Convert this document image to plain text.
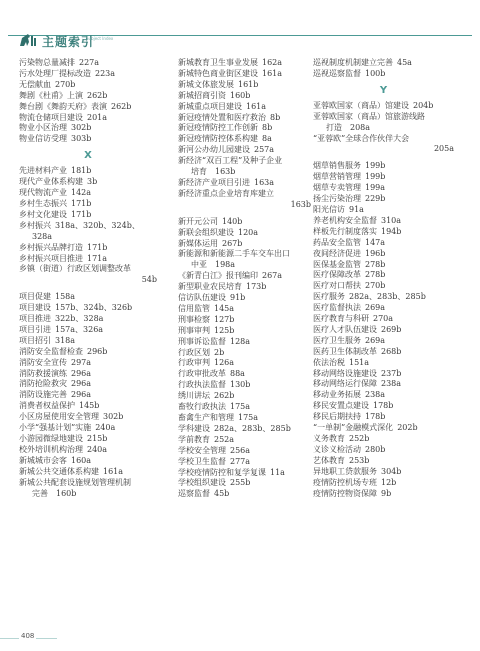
主题索引
Subject Index
污染物总量减排 227a
污水处理厂提标改造 223a
无偿献血 270b
舞剧《杜甫》上演 262b
舞台剧《舞韵天府》表演 262b
物流仓储项目建设 201a
物业小区治理 302b
物业信访受理 303b
X
先进材料产业 181b
现代产业体系构建 3b
现代物流产业 142a
乡村生态振兴 171b
乡村文化建设 171b
乡村振兴 318a、320b、324b、
328a
乡村振兴品牌打造 171b
乡村振兴项目推进 171a
乡镇（街道）行政区划调整改革
54b
项目促建 158a
项目建设 157b、324b、326b
项目推进 322b、328a
项目引进 157a、326a
项目招引 318a
消防安全监督检查 296b
消防安全宣传 297a
消防救援演练 296a
消防抢险救灾 296a
消防设施完善 296a
消费者权益保护 145b
小区房屋使用安全管理 302b
小学“强基计划”实施 240a
小游园微绿地建设 215b
校外培训机构治理 240a
新城城市会客 160a
新城公共交通体系构建 161a
新城公共配套设施规划管理机制
完善　160b
新城教育卫生事业发展 162a
新城特色商业街区建设 161a
新城文体旅发展 161b
新城招商引资 160b
新城重点项目建设 161a
新冠疫情处置和医疗救治 8b
新冠疫情防控工作创新 8b
新冠疫情防控体系构建 8a
新河公办幼儿园建设 257a
新经济“双百工程”及种子企业
培育　163b
新经济产业项目引进 163a
新经济重点企业培育库建立
163b
新开元公司 140b
新联会组织建设 120a
新媒体运用 267b
新能源和新能源二手车交车出口
中亚　198a
《新青白江》报刊编印 267a
新型职业农民培育 173b
信访队伍建设 91b
信用监管 145a
刑事检察 127b
刑事审判 125b
刑事诉讼监督 128a
行政区划 2b
行政审判 126a
行政审批改革 88a
行政执法监督 130b
绣川讲坛 262b
畜牧行政执法 175a
畜禽生产和管理 175a
学科建设 282a、283b、285b
学前教育 252a
学校安全管理 256a
学校卫生监督 277a
学校疫情防控和复学复课 11a
学校组织建设 255b
巡察监督 45b
巡视制度机制建立完善 45a
巡视巡察监督 100b
Y
亚蓉欧国家（商品）馆建设 204b
亚蓉欧国家（商品）馆旅游线路
打造　208a
“亚蓉欧”全球合作伙伴大会
205a
烟草销售服务 199b
烟草营销管理 199b
烟草专卖管理 199a
扬尘污染治理 229b
阳光信访 91a
养老机构安全监督 310a
样板先行制度落实 194b
药品安全监管 147a
夜间经济促进 196b
医保基金监管 278b
医疗保障改革 278b
医疗对口帮扶 270b
医疗服务 282a、283b、285b
医疗监督执法 269a
医疗教育与科研 270a
医疗人才队伍建设 269b
医疗卫生服务 269a
医药卫生体制改革 268b
依法治税 151a
移动网络设施建设 237b
移动网络运行保障 238a
移动业务拓展 238a
移民安置点建设 178b
移民后期扶持 178b
“一单制”金融模式深化 202b
义务教育 252b
义诊义检活动 280b
艺体教育 253b
异地职工贷款服务 304b
疫情防控机场专班 12b
疫情防控物资保障 9b
408
